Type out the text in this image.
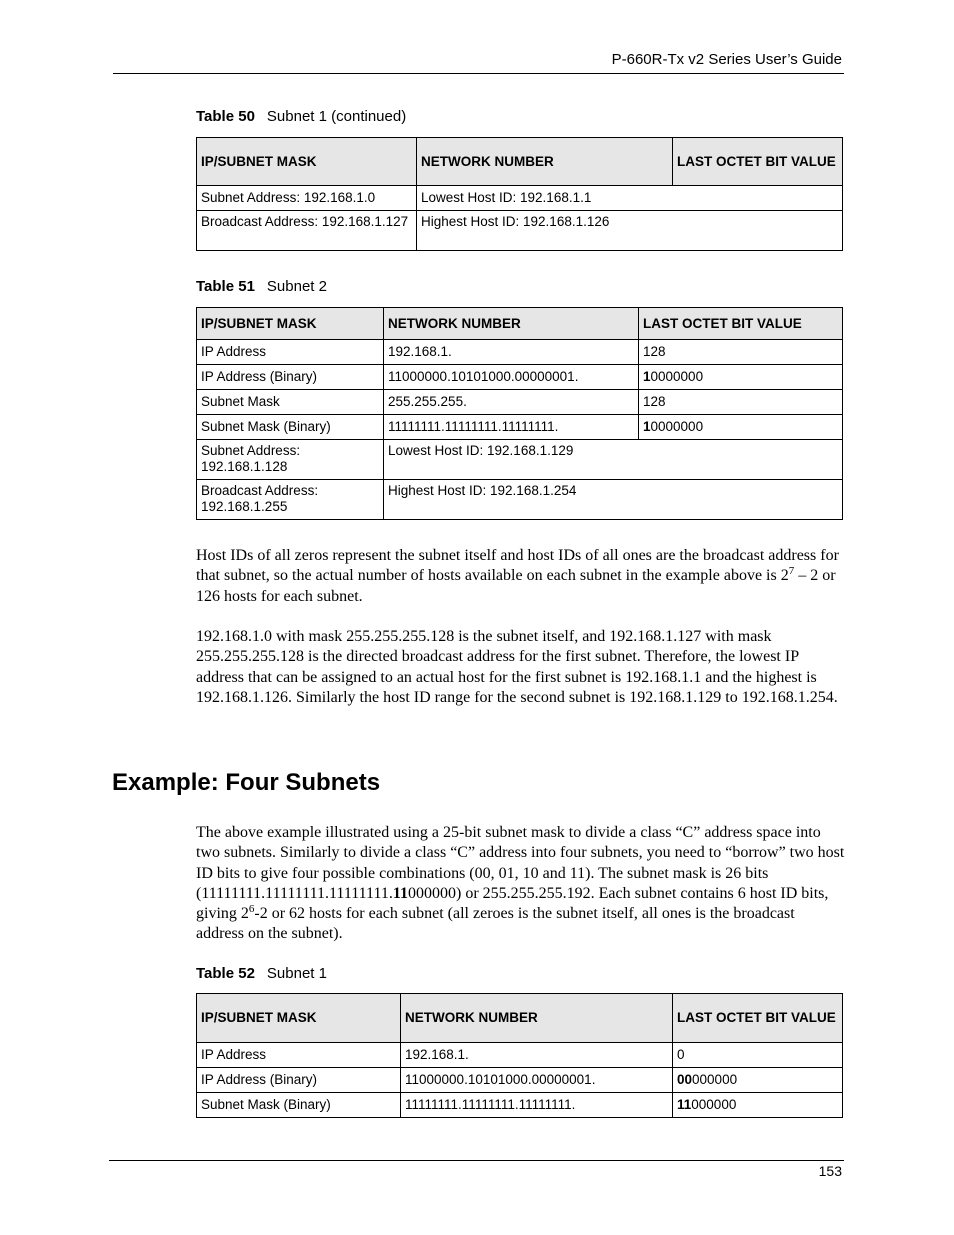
P-660R-Tx v2 Series User’s Guide
Table 50 Subnet 1 (continued)
IP/SUBNET MASK	NETWORK NUMBER	LAST OCTET BIT VALUE
Subnet Address: 192.168.1.0	Lowest Host ID: 192.168.1.1	
Broadcast Address: 192.168.1.127	Highest Host ID: 192.168.1.126	
Table 51 Subnet 2
IP/SUBNET MASK	NETWORK NUMBER	LAST OCTET BIT VALUE
IP Address	192.168.1.	128
IP Address (Binary)	11000000.10101000.00000001.	10000000
Subnet Mask	255.255.255.	128
Subnet Mask (Binary)	11111111.11111111.11111111.	10000000
Subnet Address: 192.168.1.128	Lowest Host ID: 192.168.1.129	
Broadcast Address: 192.168.1.255	Highest Host ID: 192.168.1.254	

Host IDs of all zeros represent the subnet itself and host IDs of all ones are the broadcast address for that subnet, so the actual number of hosts available on each subnet in the example above is $2^7 - 2$ or 126 hosts for each subnet.

192.168.1.0 with mask 255.255.255.128 is the subnet itself, and 192.168.1.127 with mask 255.255.255.128 is the directed broadcast address for the first subnet. Therefore, the lowest IP address that can be assigned to an actual host for the first subnet is 192.168.1.1 and the highest is 192.168.1.126. Similarly the host ID range for the second subnet is 192.168.1.129 to 192.168.1.254.

Example: Four Subnets

The above example illustrated using a 25-bit subnet mask to divide a class “C” address space into two subnets. Similarly to divide a class “C” address into four subnets, you need to “borrow” two host ID bits to give four possible combinations (00, 01, 10 and 11). The subnet mask is 26 bits (11111111.11111111.11111111.11000000) or 255.255.255.192. Each subnet contains 6 host ID bits, giving $2^6-2$ or 62 hosts for each subnet (all zeroes is the subnet itself, all ones is the broadcast address on the subnet).

Table 52 Subnet 1
IP/SUBNET MASK	NETWORK NUMBER	LAST OCTET BIT VALUE
IP Address	192.168.1.	0
IP Address (Binary)	11000000.10101000.00000001.	00000000
Subnet Mask (Binary)	11111111.11111111.11111111.	11000000
153
